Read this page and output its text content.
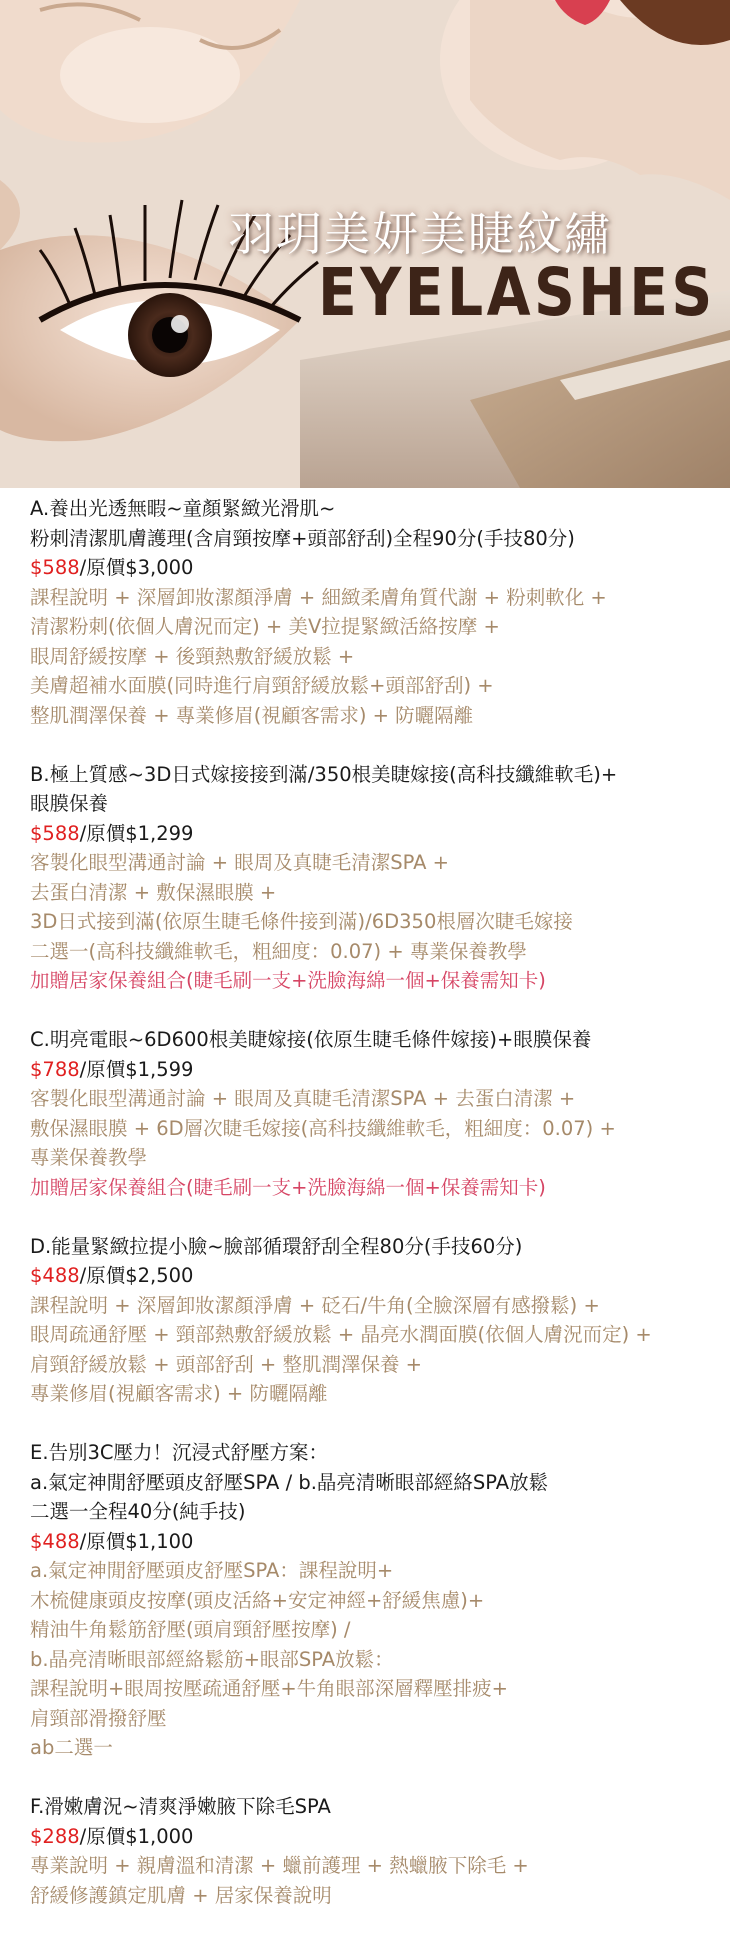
羽玥美妍美睫紋繡
EYELASHES
A.養出光透無暇~童顏緊緻光滑肌~
粉刺清潔肌膚護理(含肩頸按摩+頭部舒刮)全程90分(手技80分)
$588/原價$3,000
課程說明 + 深層卸妝潔顏淨膚 + 細緻柔膚角質代謝 + 粉刺軟化 +
清潔粉刺(依個人膚況而定) + 美V拉提緊緻活絡按摩 +
眼周舒緩按摩 + 後頸熱敷舒緩放鬆 +
美膚超補水面膜(同時進行肩頸舒緩放鬆+頭部舒刮) +
整肌潤澤保養 + 專業修眉(視顧客需求) + 防曬隔離
B.極上質感~3D日式嫁接接到滿/350根美睫嫁接(高科技纖維軟毛)+
眼膜保養
$588/原價$1,299
客製化眼型溝通討論 + 眼周及真睫毛清潔SPA +
去蛋白清潔 + 敷保濕眼膜 +
3D日式接到滿(依原生睫毛條件接到滿)/6D350根層次睫毛嫁接
二選一(高科技纖維軟毛，粗細度：0.07) + 專業保養教學
加贈居家保養組合(睫毛刷一支+洗臉海綿一個+保養需知卡)
C.明亮電眼~6D600根美睫嫁接(依原生睫毛條件嫁接)+眼膜保養
$788/原價$1,599
客製化眼型溝通討論 + 眼周及真睫毛清潔SPA + 去蛋白清潔 +
敷保濕眼膜 + 6D層次睫毛嫁接(高科技纖維軟毛，粗細度：0.07) +
專業保養教學
加贈居家保養組合(睫毛刷一支+洗臉海綿一個+保養需知卡)
D.能量緊緻拉提小臉~臉部循環舒刮全程80分(手技60分)
$488/原價$2,500
課程說明 + 深層卸妝潔顏淨膚 + 砭石/牛角(全臉深層有感撥鬆) +
眼周疏通舒壓 + 頸部熱敷舒緩放鬆 + 晶亮水潤面膜(依個人膚況而定) +
肩頸舒緩放鬆 + 頭部舒刮 + 整肌潤澤保養 +
專業修眉(視顧客需求) + 防曬隔離
E.告別3C壓力！沉浸式舒壓方案：
a.氣定神閒舒壓頭皮舒壓SPA / b.晶亮清晰眼部經絡SPA放鬆
二選一全程40分(純手技)
$488/原價$1,100
a.氣定神閒舒壓頭皮舒壓SPA：課程說明+
木梳健康頭皮按摩(頭皮活絡+安定神經+舒緩焦慮)+
精油牛角鬆筋舒壓(頭肩頸舒壓按摩) /
b.晶亮清晰眼部經絡鬆筋+眼部SPA放鬆：
課程說明+眼周按壓疏通舒壓+牛角眼部深層釋壓排疲+
肩頸部滑撥舒壓
ab二選一
F.滑嫩膚況~清爽淨嫩腋下除毛SPA
$288/原價$1,000
專業說明 + 親膚溫和清潔 + 蠟前護理 + 熱蠟腋下除毛 +
舒緩修護鎮定肌膚 + 居家保養說明
